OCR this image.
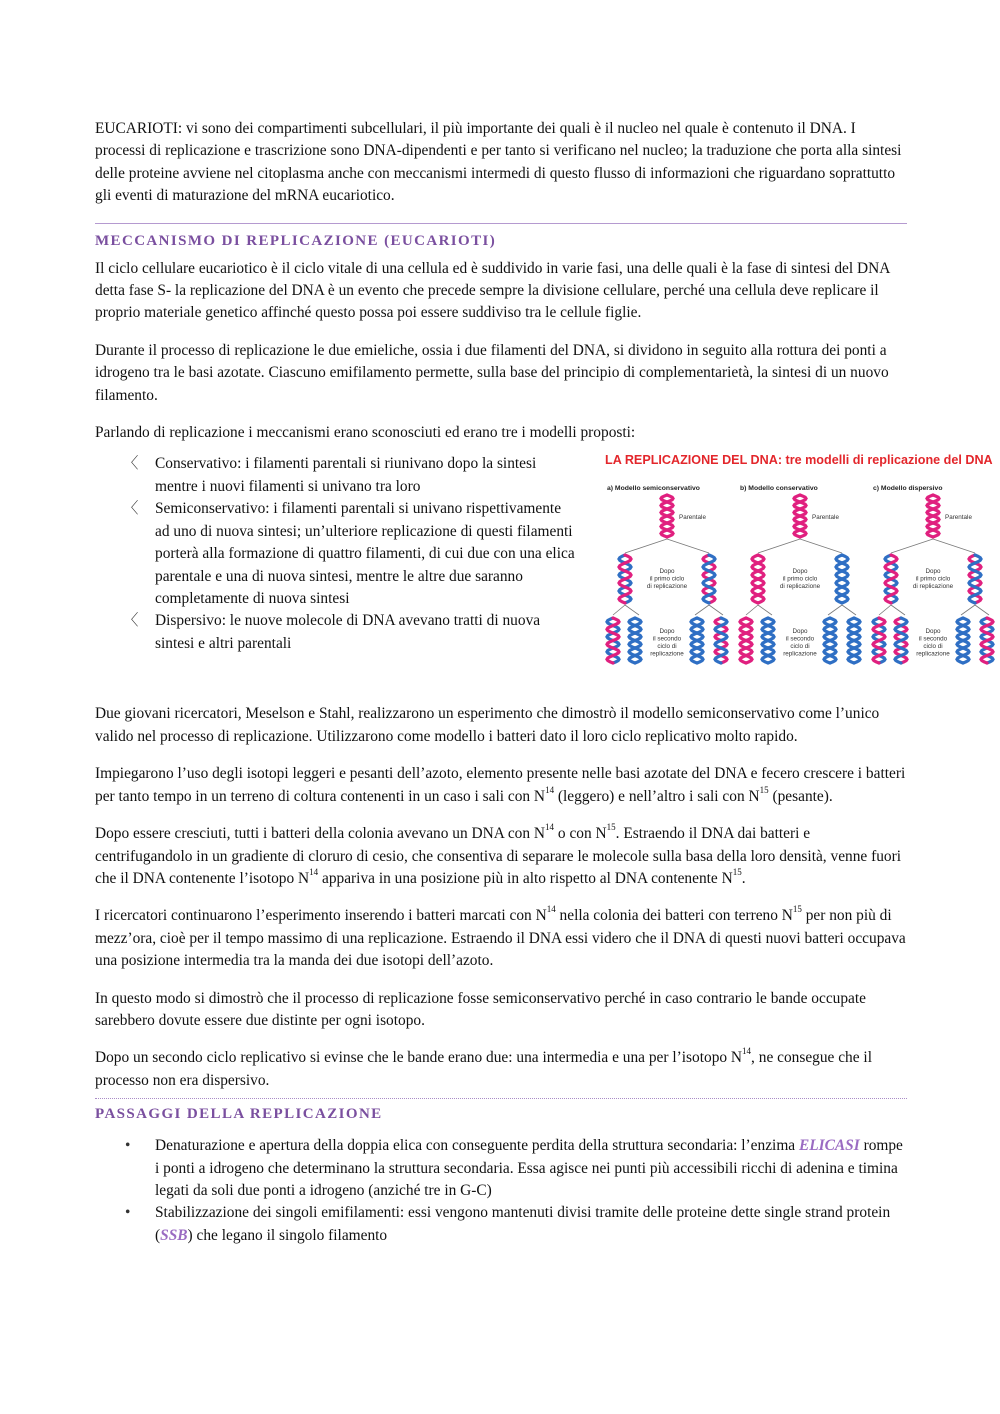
EUCARIOTI: vi sono dei compartimenti subcellulari, il più importante dei quali è il nucleo nel quale è contenuto il DNA. I processi di replicazione e trascrizione sono DNA-dipendenti e per tanto si verificano nel nucleo; la traduzione che porta alla sintesi delle proteine avviene nel citoplasma anche con meccanismi intermedi di questo flusso di informazioni che riguardano soprattutto gli eventi di maturazione del mRNA eucariotico.

MECCANISMO DI REPLICAZIONE (EUCARIOTI)

Il ciclo cellulare eucariotico è il ciclo vitale di una cellula ed è suddivido in varie fasi, una delle quali è la fase di sintesi del DNA detta fase S- la replicazione del DNA è un evento che precede sempre la divisione cellulare, perché una cellula deve replicare il proprio materiale genetico affinché questo possa poi essere suddiviso tra le cellule figlie.

Durante il processo di replicazione le due emieliche, ossia i due filamenti del DNA, si dividono in seguito alla rottura dei ponti a idrogeno tra le basi azotate. Ciascuno emifilamento permette, sulla base del principio di complementarietà, la sintesi di un nuovo filamento.

Parlando di replicazione i meccanismi erano sconosciuti ed erano tre i modelli proposti:

〈	Conservativo: i filamenti parentali si riunivano dopo la sintesi mentre i nuovi filamenti si univano tra loro
〈	Semiconservativo: i filamenti parentali si univano rispettivamente ad uno di nuova sintesi; un’ulteriore replicazione di questi filamenti porterà alla formazione di quattro filamenti, di cui due con una elica parentale e una di nuova sintesi, mentre le altre due saranno completamente di nuova sintesi
〈	Dispersivo: le nuove molecole di DNA avevano tratti di nuova sintesi e altri parentali

LA REPLICAZIONE DEL DNA: tre modelli di replicazione del DNA

a) Modello semiconservativo
Parentale
Dopo
il primo ciclo
di replicazione
Dopo
il secondo
ciclo di
replicazione
b) Modello conservativo
Parentale
Dopo
il primo ciclo
di replicazione
Dopo
il secondo
ciclo di
replicazione
c) Modello dispersivo
Parentale
Dopo
il primo ciclo
di replicazione
Dopo
il secondo
ciclo di
replicazione

Due giovani ricercatori, Meselson e Stahl, realizzarono un esperimento che dimostrò il modello semiconservativo come l’unico valido nel processo di replicazione. Utilizzarono come modello i batteri dato il loro ciclo replicativo molto rapido.

Impiegarono l’uso degli isotopi leggeri e pesanti dell’azoto, elemento presente nelle basi azotate del DNA e fecero crescere i batteri per tanto tempo in un terreno di coltura contenenti in un caso i sali con $N^{14}$ (leggero) e nell’altro i sali con $N^{15}$ (pesante).

Dopo essere cresciuti, tutti i batteri della colonia avevano un DNA con $N^{14}$ o con $N^{15}$. Estraendo il DNA dai batteri e centrifugandolo in un gradiente di cloruro di cesio, che consentiva di separare le molecole sulla basa della loro densità, venne fuori che il DNA contenente l’isotopo $N^{14}$ appariva in una posizione più in alto rispetto al DNA contenente $N^{15}$.

I ricercatori continuarono l’esperimento inserendo i batteri marcati con $N^{14}$ nella colonia dei batteri con terreno $N^{15}$ per non più di mezz’ora, cioè per il tempo massimo di una replicazione. Estraendo il DNA essi videro che il DNA di questi nuovi batteri occupava una posizione intermedia tra la manda dei due isotopi dell’azoto.

In questo modo si dimostrò che il processo di replicazione fosse semiconservativo perché in caso contrario le bande occupate sarebbero dovute essere due distinte per ogni isotopo.

Dopo un secondo ciclo replicativo si evinse che le bande erano due: una intermedia e una per l’isotopo $N^{14}$, ne consegue che il processo non era dispersivo.

PASSAGGI DELLA REPLICAZIONE
•	Denaturazione e apertura della doppia elica con conseguente perdita della struttura secondaria: l’enzima ELICASI rompe i ponti a idrogeno che determinano la struttura secondaria. Essa agisce nei punti più accessibili ricchi di adenina e timina legati da soli due ponti a idrogeno (anziché tre in G-C)
•	Stabilizzazione dei singoli emifilamenti: essi vengono mantenuti divisi tramite delle proteine dette single strand protein (SSB) che legano il singolo filamento
